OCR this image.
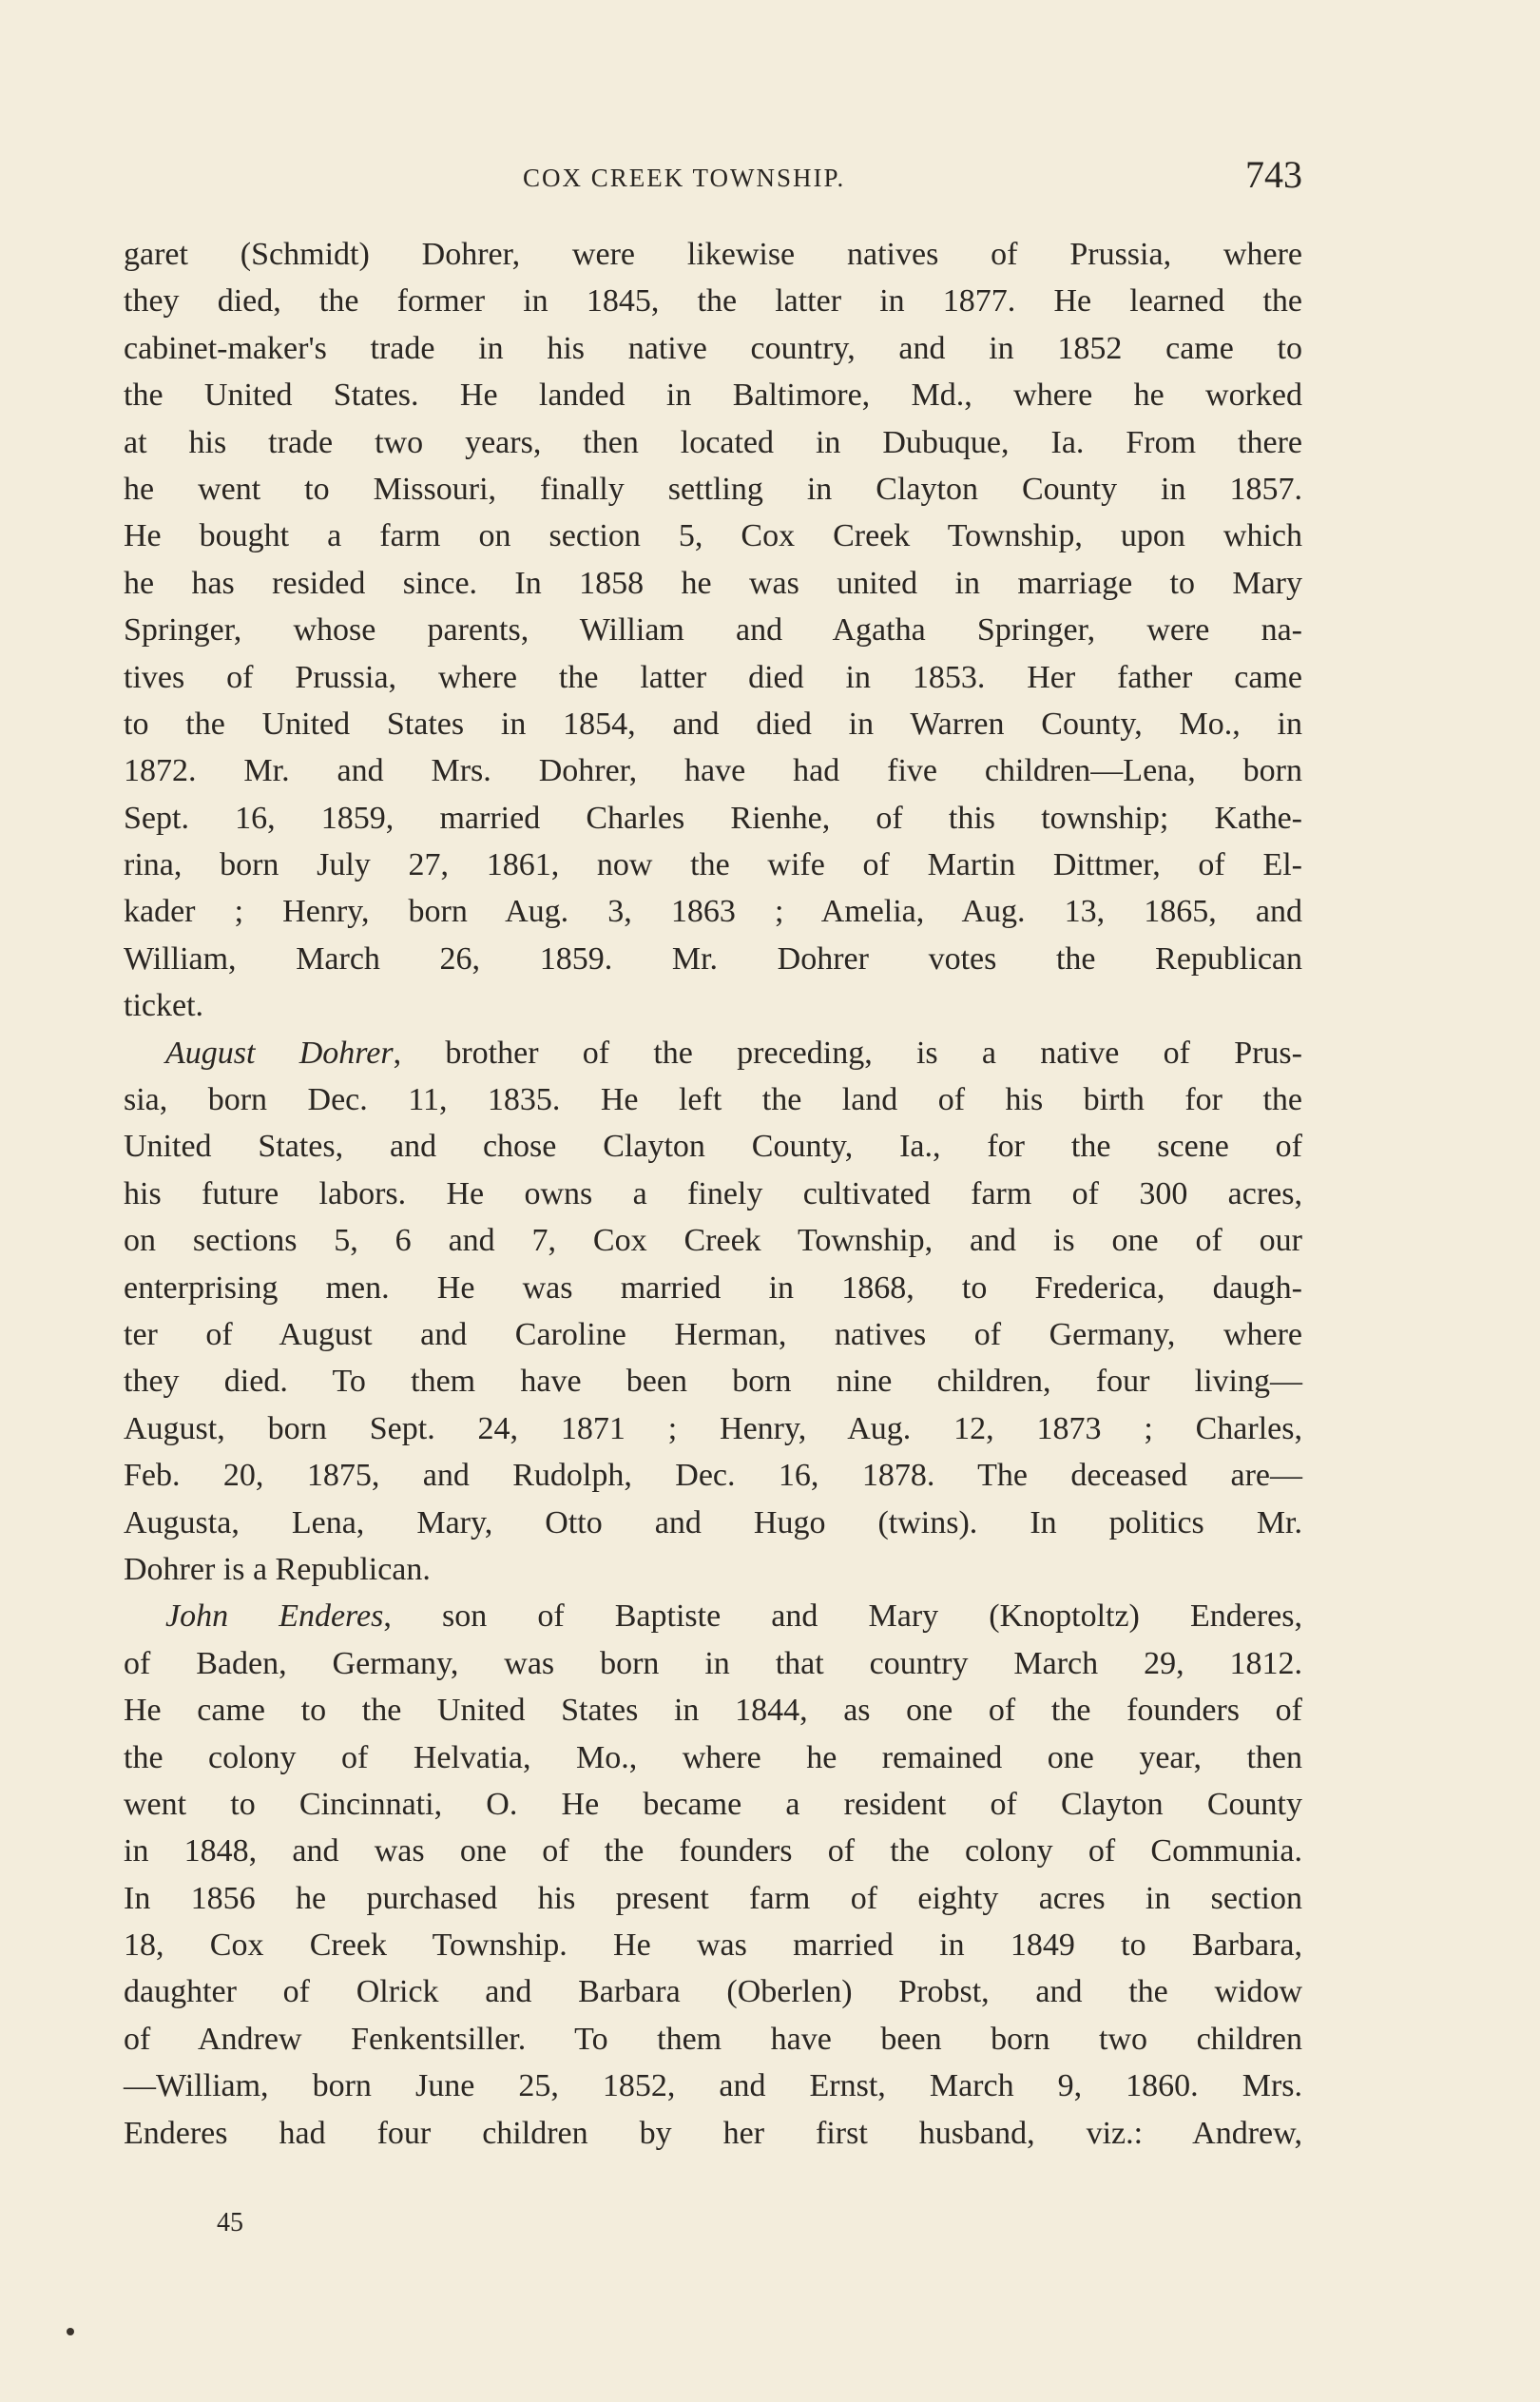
COX CREEK TOWNSHIP.	743
garet (Schmidt) Dohrer, were likewise natives of Prussia, where
they died, the former in 1845, the latter in 1877. He learned the
cabinet-maker's trade in his native country, and in 1852 came to
the United States. He landed in Baltimore, Md., where he worked
at his trade two years, then located in Dubuque, Ia. From there
he went to Missouri, finally settling in Clayton County in 1857.
He bought a farm on section 5, Cox Creek Township, upon which
he has resided since. In 1858 he was united in marriage to Mary
Springer, whose parents, William and Agatha Springer, were na-
tives of Prussia, where the latter died in 1853. Her father came
to the United States in 1854, and died in Warren County, Mo., in
1872. Mr. and Mrs. Dohrer, have had five children—Lena, born
Sept. 16, 1859, married Charles Rienhe, of this township; Kathe-
rina, born July 27, 1861, now the wife of Martin Dittmer, of El-
kader ; Henry, born Aug. 3, 1863 ; Amelia, Aug. 13, 1865, and
William, March 26, 1859. Mr. Dohrer votes the Republican
ticket.
August Dohrer, brother of the preceding, is a native of Prus-
sia, born Dec. 11, 1835. He left the land of his birth for the
United States, and chose Clayton County, Ia., for the scene of
his future labors. He owns a finely cultivated farm of 300 acres,
on sections 5, 6 and 7, Cox Creek Township, and is one of our
enterprising men. He was married in 1868, to Frederica, daugh-
ter of August and Caroline Herman, natives of Germany, where
they died. To them have been born nine children, four living—
August, born Sept. 24, 1871 ; Henry, Aug. 12, 1873 ; Charles,
Feb. 20, 1875, and Rudolph, Dec. 16, 1878. The deceased are—
Augusta, Lena, Mary, Otto and Hugo (twins). In politics Mr.
Dohrer is a Republican.
John Enderes, son of Baptiste and Mary (Knoptoltz) Enderes,
of Baden, Germany, was born in that country March 29, 1812.
He came to the United States in 1844, as one of the founders of
the colony of Helvatia, Mo., where he remained one year, then
went to Cincinnati, O. He became a resident of Clayton County
in 1848, and was one of the founders of the colony of Communia.
In 1856 he purchased his present farm of eighty acres in section
18, Cox Creek Township. He was married in 1849 to Barbara,
daughter of Olrick and Barbara (Oberlen) Probst, and the widow
of Andrew Fenkentsiller. To them have been born two children
—William, born June 25, 1852, and Ernst, March 9, 1860. Mrs.
Enderes had four children by her first husband, viz.: Andrew,
45
